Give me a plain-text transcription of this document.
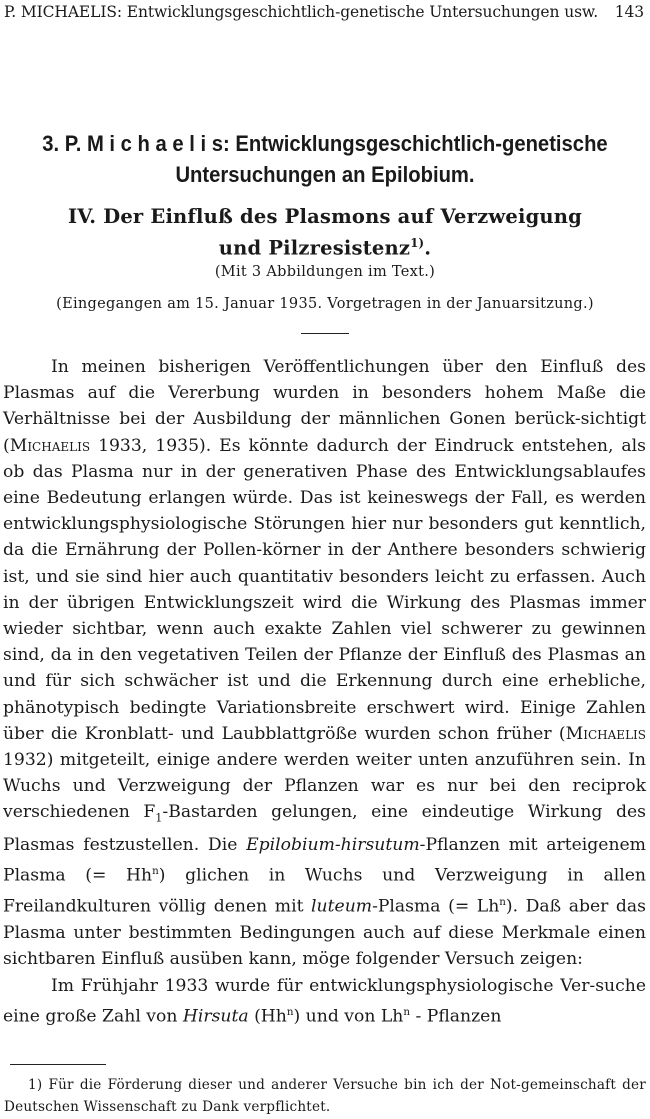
P. MICHAELIS: Entwicklungsgeschichtlich-genetische Untersuchungen usw. 143
3. P. M i c h a e l i s: Entwicklungsgeschichtlich-genetische
Untersuchungen an Epilobium.
IV. Der Einfluß des Plasmons auf Verzweigung
und Pilzresistenz$^{1)}$.
(Mit 3 Abbildungen im Text.)
(Eingegangen am 15. Januar 1935. Vorgetragen in der Januarsitzung.)

In meinen bisherigen Veröffentlichungen über den Einfluß des Plasmas auf die Vererbung wurden in besonders hohem Maße die Verhältnisse bei der Ausbildung der männlichen Gonen berück-sichtigt (Michaelis 1933, 1935). Es könnte dadurch der Eindruck entstehen, als ob das Plasma nur in der generativen Phase des Entwicklungsablaufes eine Bedeutung erlangen würde. Das ist keineswegs der Fall, es werden entwicklungsphysiologische Störungen hier nur besonders gut kenntlich, da die Ernährung der Pollen-körner in der Anthere besonders schwierig ist, und sie sind hier auch quantitativ besonders leicht zu erfassen. Auch in der übrigen Entwicklungszeit wird die Wirkung des Plasmas immer wieder sichtbar, wenn auch exakte Zahlen viel schwerer zu gewinnen sind, da in den vegetativen Teilen der Pflanze der Einfluß des Plasmas an und für sich schwächer ist und die Erkennung durch eine erhebliche, phänotypisch bedingte Variationsbreite erschwert wird. Einige Zahlen über die Kronblatt- und Laubblattgröße wurden schon früher (Michaelis 1932) mitgeteilt, einige andere werden weiter unten anzuführen sein. In Wuchs und Verzweigung der Pflanzen war es nur bei den reciprok verschiedenen $F_1$-Bastarden gelungen, eine eindeutige Wirkung des Plasmas festzustellen. Die Epilobium-hirsutum-Pflanzen mit arteigenem Plasma (= $Hh^n$) glichen in Wuchs und Verzweigung in allen Freilandkulturen völlig denen mit luteum-Plasma (= $Lh^n$). Daß aber das Plasma unter bestimmten Bedingungen auch auf diese Merkmale einen sichtbaren Einfluß ausüben kann, möge folgender Versuch zeigen:

Im Frühjahr 1933 wurde für entwicklungsphysiologische Ver-suche eine große Zahl von Hirsuta (Hh$^n$) und von Lh$^n$ - Pflanzen

1) Für die Förderung dieser und anderer Versuche bin ich der Not-gemeinschaft der Deutschen Wissenschaft zu Dank verpflichtet.
